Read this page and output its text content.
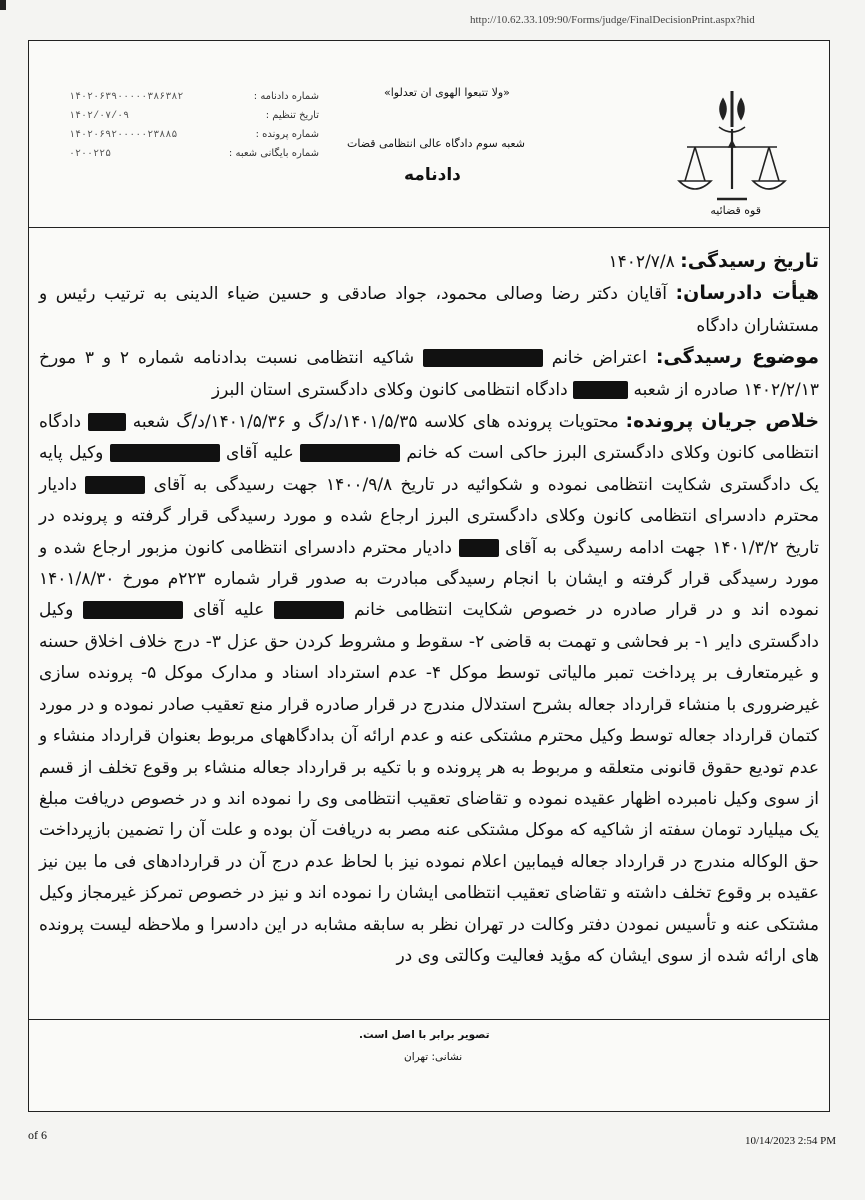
http://10.62.33.109:90/Forms/judge/FinalDecisionPrint.aspx?hid
شماره دادنامه :
۱۴۰۲۰۶۳۹۰۰۰۰۰۳۸۶۳۸۲
تاریخ تنظیم :
۱۴۰۲/۰۷/۰۹
شماره پرونده :
۱۴۰۲۰۶۹۲۰۰۰۰۰۲۳۸۸۵
شماره بایگانی شعبه :
۰۲۰۰۲۲۵
«ولا تتبعوا الهوی ان تعدلوا»
شعبه سوم دادگاه عالی انتظامی قضات
دادنامه
قوه قضائیه

تاریخ رسیدگی: ۱۴۰۲/۷/۸

هیأت دادرسان: آقایان دکتر رضا وصالی محمود، جواد صادقی و حسین ضیاء الدینی به ترتیب رئیس و مستشاران دادگاه

موضوع رسیدگی: اعتراض خانم  شاکیه انتظامی نسبت بدادنامه شماره ۲ و ۳ مورخ ۱۴۰۲/۲/۱۳ صادره از شعبه  دادگاه انتظامی کانون وکلای دادگستری استان البرز

خلاص جریان پرونده: محتویات پرونده های کلاسه ۱۴۰۱/۵/۳۵/د/گ و ۱۴۰۱/۵/۳۶/د/گ شعبه  دادگاه انتظامی کانون وکلای دادگستری البرز حاکی است که خانم  علیه آقای  وکیل پایه یک دادگستری شکایت انتظامی نموده و شکوائیه در تاریخ ۱۴۰۰/۹/۸ جهت رسیدگی به آقای  دادیار محترم دادسرای انتظامی کانون وکلای دادگستری البرز ارجاع شده و مورد رسیدگی قرار گرفته و پرونده در تاریخ ۱۴۰۱/۳/۲ جهت ادامه رسیدگی به آقای  دادیار محترم دادسرای انتظامی کانون مزبور ارجاع شده و مورد رسیدگی قرار گرفته و ایشان با انجام رسیدگی مبادرت به صدور قرار شماره ۲۲۳م مورخ ۱۴۰۱/۸/۳۰ نموده اند و در قرار صادره در خصوص شکایت انتظامی خانم  علیه آقای  وکیل دادگستری دایر ۱- بر فحاشی و تهمت به قاضی ۲- سقوط و مشروط کردن حق عزل ۳- درج خلاف اخلاق حسنه و غیرمتعارف بر پرداخت تمبر مالیاتی توسط موکل ۴- عدم استرداد اسناد و مدارک موکل ۵- پرونده سازی غیرضروری با منشاء قرارداد جعاله بشرح استدلال مندرج در قرار صادره قرار منع تعقیب صادر نموده و در مورد کتمان قرارداد جعاله توسط وکیل محترم مشتکی عنه و عدم ارائه آن بدادگاههای مربوط بعنوان قرارداد منشاء و عدم تودیع حقوق قانونی متعلقه و مربوط به هر پرونده و با تکیه بر قرارداد جعاله منشاء بر وقوع تخلف از قسم از سوی وکیل نامبرده اظهار عقیده نموده و تقاضای تعقیب انتظامی وی را نموده اند و در خصوص دریافت مبلغ یک میلیارد تومان سفته از شاکیه که موکل مشتکی عنه مصر به دریافت آن بوده و علت آن را تضمین بازپرداخت حق الوکاله مندرج در قرارداد جعاله فیمابین اعلام نموده نیز با لحاظ عدم درج آن در قراردادهای فی ما بین نیز عقیده بر وقوع تخلف داشته و تقاضای تعقیب انتظامی ایشان را نموده اند و نیز در خصوص تمرکز غیرمجاز وکیل مشتکی عنه و تأسیس نمودن دفتر وکالت در تهران نظر به سابقه مشابه در این دادسرا و ملاحظه لیست پرونده های ارائه شده از سوی ایشان که مؤید فعالیت وکالتی وی در

تصویر برابر با اصل است.
نشانی: تهران
of 6	10/14/2023 2:54 PM
